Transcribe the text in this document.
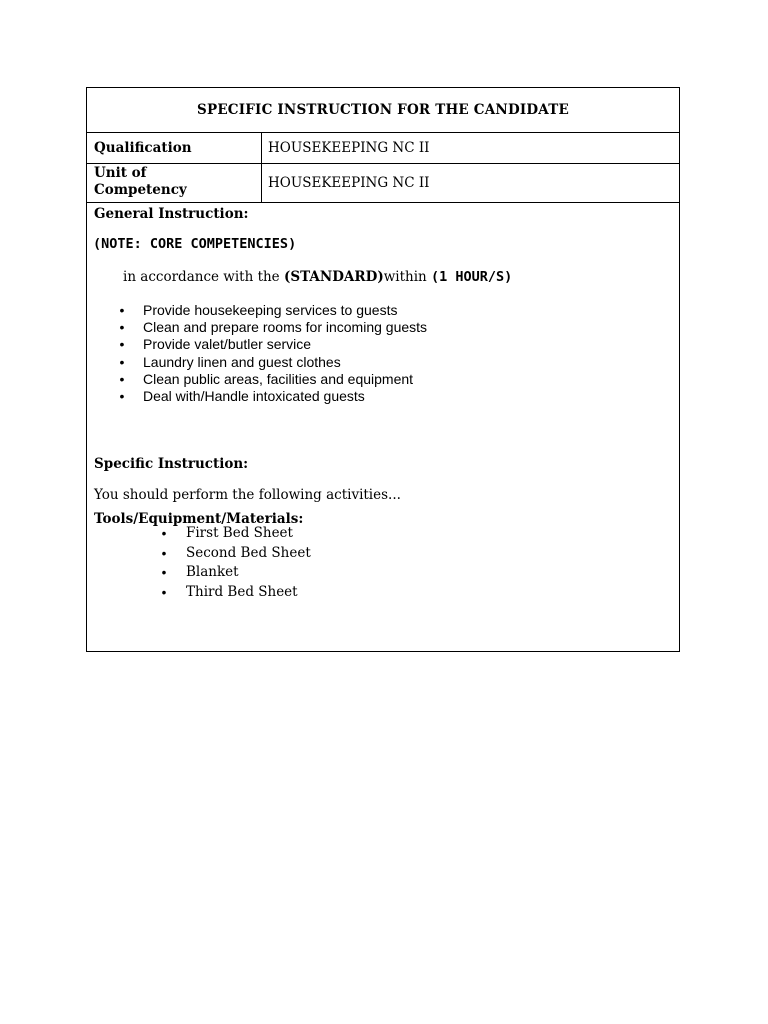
SPECIFIC INSTRUCTION FOR THE CANDIDATE
Qualification	HOUSEKEEPING NC II
Unit of
Competency	HOUSEKEEPING NC II
General Instruction:
(NOTE: CORE COMPETENCIES)
in accordance with the (STANDARD)within (1 HOUR/S)
• Provide housekeeping services to guests
• Clean and prepare rooms for incoming guests
• Provide valet/butler service
• Laundry linen and guest clothes
• Clean public areas, facilities and equipment
• Deal with/Handle intoxicated guests
Specific Instruction:
You should perform the following activities...
Tools/Equipment/Materials:
• First Bed Sheet
• Second Bed Sheet
• Blanket
• Third Bed Sheet
